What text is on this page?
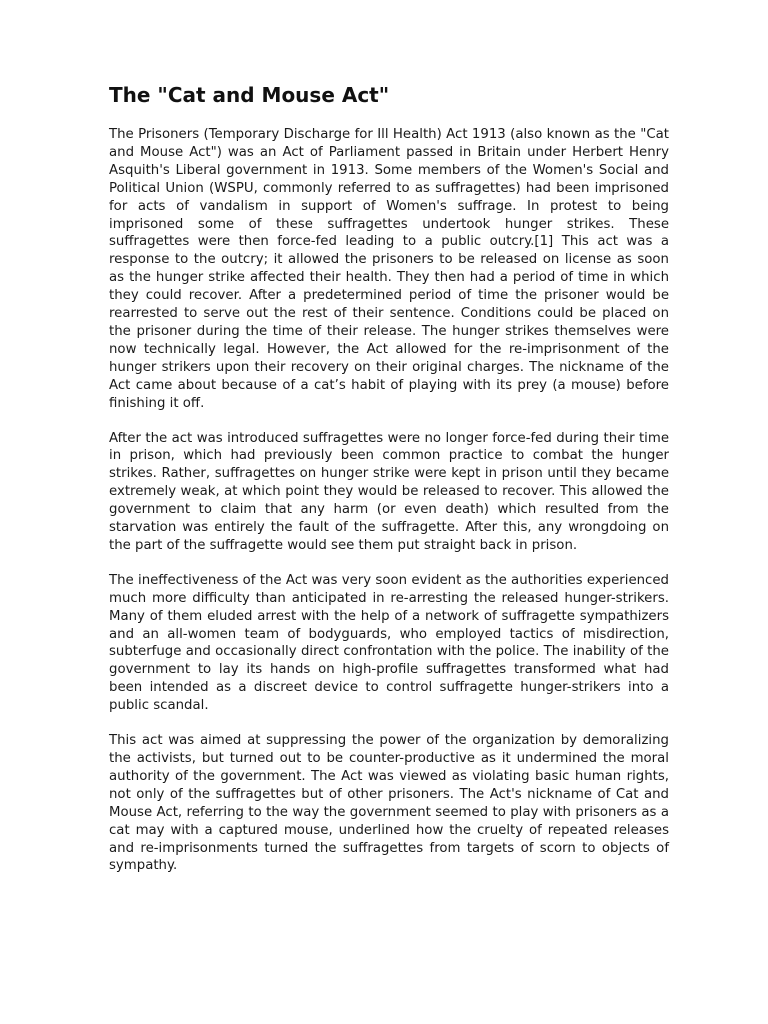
The "Cat and Mouse Act"

The Prisoners (Temporary Discharge for Ill Health) Act 1913 (also known as the "Cat and Mouse Act") was an Act of Parliament passed in Britain under Herbert Henry Asquith's Liberal government in 1913. Some members of the Women's Social and Political Union (WSPU, commonly referred to as suffragettes) had been imprisoned for acts of vandalism in support of Women's suffrage. In protest to being imprisoned some of these suffragettes undertook hunger strikes. These suffragettes were then force-fed leading to a public outcry.[1] This act was a response to the outcry; it allowed the prisoners to be released on license as soon as the hunger strike affected their health. They then had a period of time in which they could recover. After a predetermined period of time the prisoner would be rearrested to serve out the rest of their sentence. Conditions could be placed on the prisoner during the time of their release. The hunger strikes themselves were now technically legal. However, the Act allowed for the re-imprisonment of the hunger strikers upon their recovery on their original charges. The nickname of the Act came about because of a cat’s habit of playing with its prey (a mouse) before finishing it off.

After the act was introduced suffragettes were no longer force-fed during their time in prison, which had previously been common practice to combat the hunger strikes. Rather, suffragettes on hunger strike were kept in prison until they became extremely weak, at which point they would be released to recover. This allowed the government to claim that any harm (or even death) which resulted from the starvation was entirely the fault of the suffragette. After this, any wrongdoing on the part of the suffragette would see them put straight back in prison.

The ineffectiveness of the Act was very soon evident as the authorities experienced much more difficulty than anticipated in re-arresting the released hunger-strikers. Many of them eluded arrest with the help of a network of suffragette sympathizers and an all-women team of bodyguards, who employed tactics of misdirection, subterfuge and occasionally direct confrontation with the police. The inability of the government to lay its hands on high-profile suffragettes transformed what had been intended as a discreet device to control suffragette hunger-strikers into a public scandal.

This act was aimed at suppressing the power of the organization by demoralizing the activists, but turned out to be counter-productive as it undermined the moral authority of the government. The Act was viewed as violating basic human rights, not only of the suffragettes but of other prisoners. The Act's nickname of Cat and Mouse Act, referring to the way the government seemed to play with prisoners as a cat may with a captured mouse, underlined how the cruelty of repeated releases and re-imprisonments turned the suffragettes from targets of scorn to objects of sympathy.
